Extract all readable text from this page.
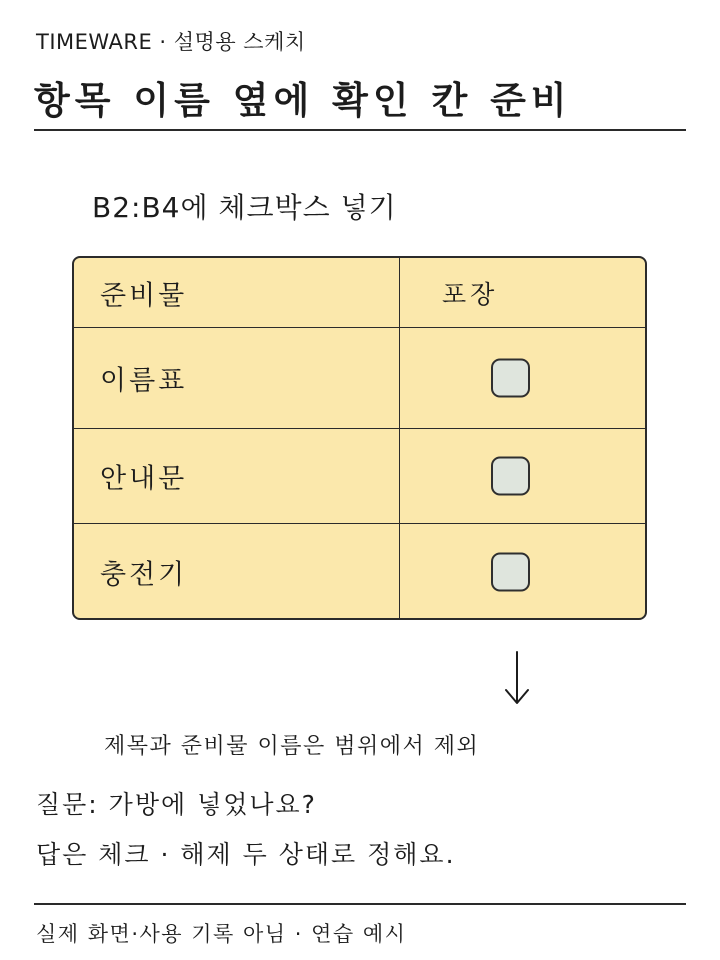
TIMEWARE · 설명용 스케치
항목 이름 옆에 확인 칸 준비
B2:B4에 체크박스 넣기
준비물	포장
이름표
안내문
충전기
제목과 준비물 이름은 범위에서 제외
질문: 가방에 넣었나요?
답은 체크 · 해제 두 상태로 정해요.
실제 화면·사용 기록 아님 · 연습 예시
